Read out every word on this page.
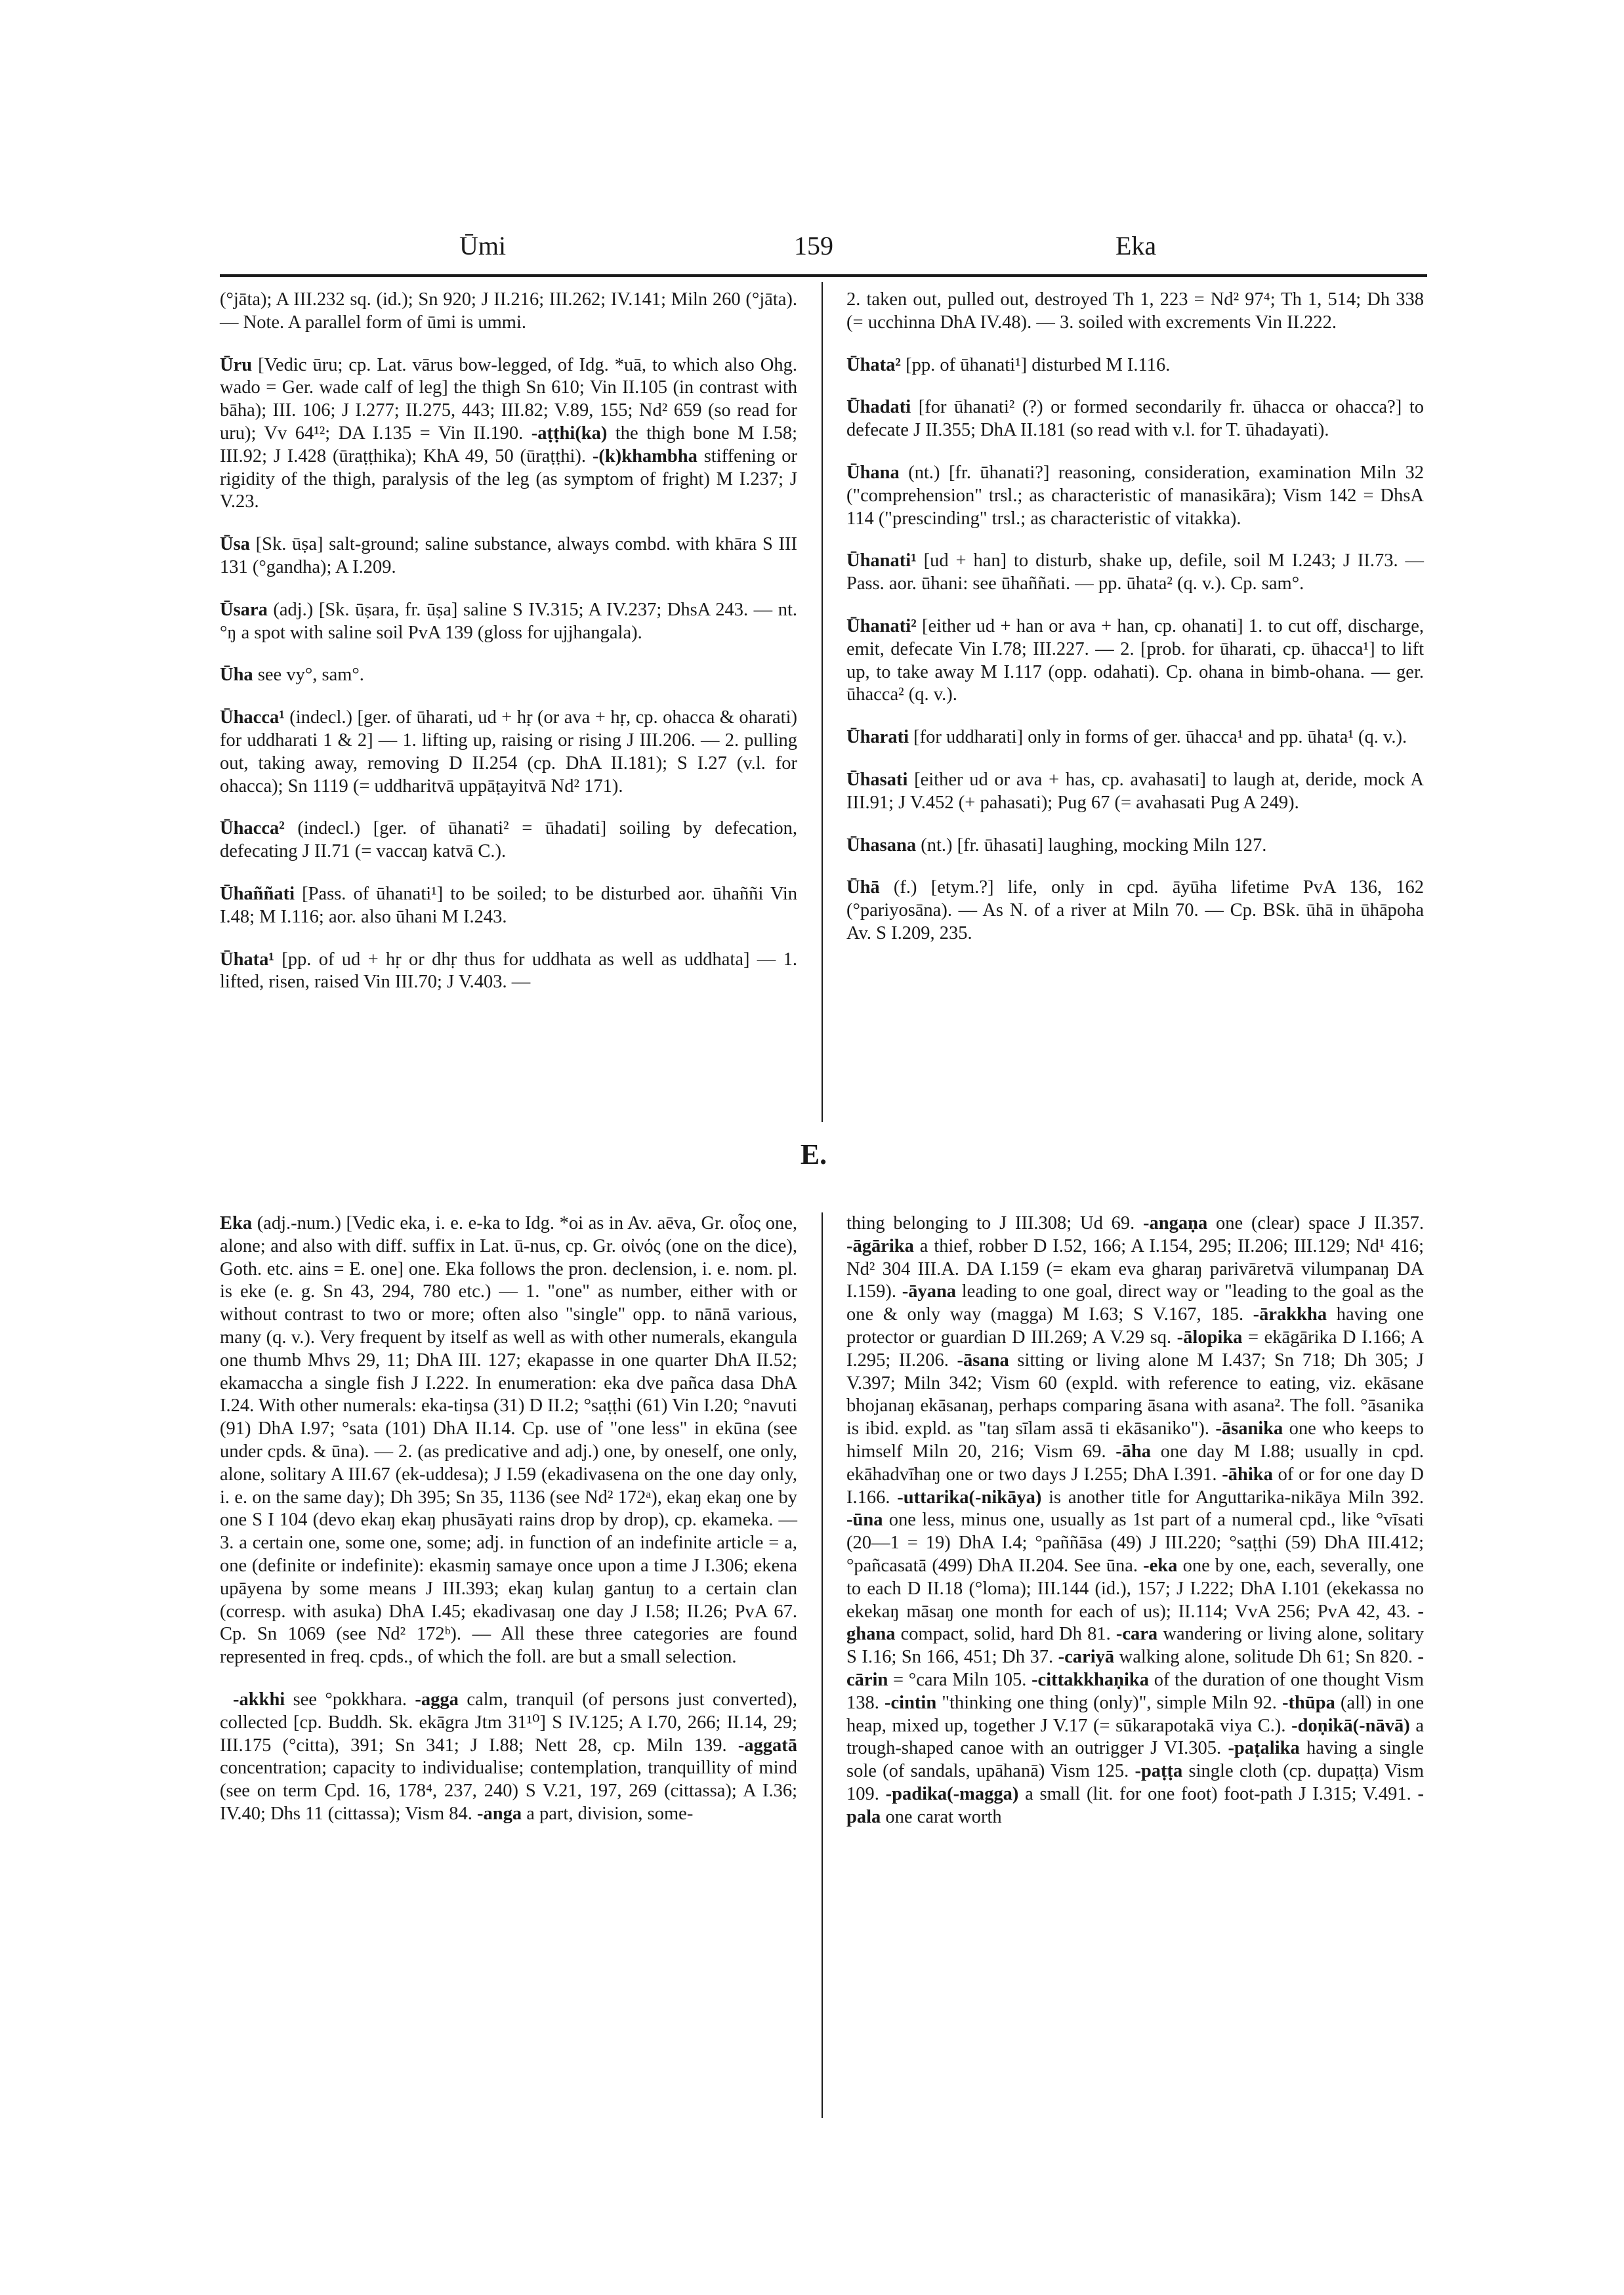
Ūmi	159	Eka

(°jāta); A III.232 sq. (id.); Sn 920; J II.216; III.262; IV.141; Miln 260 (°jāta). — Note. A parallel form of ūmi is ummi.

Ūru [Vedic ūru; cp. Lat. vārus bow-legged, of Idg. *uā, to which also Ohg. wado = Ger. wade calf of leg] the thigh Sn 610; Vin II.105 (in contrast with bāha); III. 106; J I.277; II.275, 443; III.82; V.89, 155; Nd² 659 (so read for uru); Vv 64¹²; DA I.135 = Vin II.190. -aṭṭhi(ka) the thigh bone M I.58; III.92; J I.428 (ūraṭṭhika); KhA 49, 50 (ūraṭṭhi). -(k)khambha stiffening or rigidity of the thigh, paralysis of the leg (as symptom of fright) M I.237; J V.23.

Ūsa [Sk. ūṣa] salt-ground; saline substance, always combd. with khāra S III 131 (°gandha); A I.209.

Ūsara (adj.) [Sk. ūṣara, fr. ūṣa] saline S IV.315; A IV.237; DhsA 243. — nt. °ŋ a spot with saline soil PvA 139 (gloss for ujjhangala).

Ūha see vy°, sam°.

Ūhacca¹ (indecl.) [ger. of ūharati, ud + hṛ (or ava + hṛ, cp. ohacca & oharati) for uddharati 1 & 2] — 1. lifting up, raising or rising J III.206. — 2. pulling out, taking away, removing D II.254 (cp. DhA II.181); S I.27 (v.l. for ohacca); Sn 1119 (= uddharitvā uppāṭayitvā Nd² 171).

Ūhacca² (indecl.) [ger. of ūhanati² = ūhadati] soiling by defecation, defecating J II.71 (= vaccaŋ katvā C.).

Ūhaññati [Pass. of ūhanati¹] to be soiled; to be disturbed aor. ūhaññi Vin I.48; M I.116; aor. also ūhani M I.243.

Ūhata¹ [pp. of ud + hṛ or dhṛ thus for uddhata as well as uddhata] — 1. lifted, risen, raised Vin III.70; J V.403. —

2. taken out, pulled out, destroyed Th 1, 223 = Nd² 97⁴; Th 1, 514; Dh 338 (= ucchinna DhA IV.48). — 3. soiled with excrements Vin II.222.

Ūhata² [pp. of ūhanati¹] disturbed M I.116.

Ūhadati [for ūhanati² (?) or formed secondarily fr. ūhacca or ohacca?] to defecate J II.355; DhA II.181 (so read with v.l. for T. ūhadayati).

Ūhana (nt.) [fr. ūhanati?] reasoning, consideration, examination Miln 32 ("comprehension" trsl.; as characteristic of manasikāra); Vism 142 = DhsA 114 ("prescinding" trsl.; as characteristic of vitakka).

Ūhanati¹ [ud + han] to disturb, shake up, defile, soil M I.243; J II.73. — Pass. aor. ūhani: see ūhaññati. — pp. ūhata² (q. v.). Cp. sam°.

Ūhanati² [either ud + han or ava + han, cp. ohanati] 1. to cut off, discharge, emit, defecate Vin I.78; III.227. — 2. [prob. for ūharati, cp. ūhacca¹] to lift up, to take away M I.117 (opp. odahati). Cp. ohana in bimb-ohana. — ger. ūhacca² (q. v.).

Ūharati [for uddharati] only in forms of ger. ūhacca¹ and pp. ūhata¹ (q. v.).

Ūhasati [either ud or ava + has, cp. avahasati] to laugh at, deride, mock A III.91; J V.452 (+ pahasati); Pug 67 (= avahasati Pug A 249).

Ūhasana (nt.) [fr. ūhasati] laughing, mocking Miln 127.

Ūhā (f.) [etym.?] life, only in cpd. āyūha lifetime PvA 136, 162 (°pariyosāna). — As N. of a river at Miln 70. — Cp. BSk. ūhā in ūhāpoha Av. S I.209, 235.

E.

Eka (adj.-num.) [Vedic eka, i. e. e-ka to Idg. *oi as in Av. aēva, Gr. οἶος one, alone; and also with diff. suffix in Lat. ū-nus, cp. Gr. οἰνός (one on the dice), Goth. etc. ains = E. one] one. Eka follows the pron. declension, i. e. nom. pl. is eke (e. g. Sn 43, 294, 780 etc.) — 1. "one" as number, either with or without contrast to two or more; often also "single" opp. to nānā various, many (q. v.). Very frequent by itself as well as with other numerals, ekangula one thumb Mhvs 29, 11; DhA III. 127; ekapasse in one quarter DhA II.52; ekamaccha a single fish J I.222. In enumeration: eka dve pañca dasa DhA I.24. With other numerals: eka-tiŋsa (31) D II.2; °saṭṭhi (61) Vin I.20; °navuti (91) DhA I.97; °sata (101) DhA II.14. Cp. use of "one less" in ekūna (see under cpds. & ūna). — 2. (as predicative and adj.) one, by oneself, one only, alone, solitary A III.67 (ek-uddesa); J I.59 (ekadivasena on the one day only, i. e. on the same day); Dh 395; Sn 35, 1136 (see Nd² 172ᵃ), ekaŋ ekaŋ one by one S I 104 (devo ekaŋ ekaŋ phusāyati rains drop by drop), cp. ekameka. — 3. a certain one, some one, some; adj. in function of an indefinite article = a, one (definite or indefinite): ekasmiŋ samaye once upon a time J I.306; ekena upāyena by some means J III.393; ekaŋ kulaŋ gantuŋ to a certain clan (corresp. with asuka) DhA I.45; ekadivasaŋ one day J I.58; II.26; PvA 67. Cp. Sn 1069 (see Nd² 172ᵇ). — All these three categories are found represented in freq. cpds., of which the foll. are but a small selection.

-akkhi see °pokkhara. -agga calm, tranquil (of persons just converted), collected [cp. Buddh. Sk. ekāgra Jtm 31¹⁰] S IV.125; A I.70, 266; II.14, 29; III.175 (°citta), 391; Sn 341; J I.88; Nett 28, cp. Miln 139. -aggatā concentration; capacity to individualise; contemplation, tranquillity of mind (see on term Cpd. 16, 178⁴, 237, 240) S V.21, 197, 269 (cittassa); A I.36; IV.40; Dhs 11 (cittassa); Vism 84. -anga a part, division, some-

thing belonging to J III.308; Ud 69. -angaṇa one (clear) space J II.357. -āgārika a thief, robber D I.52, 166; A I.154, 295; II.206; III.129; Nd¹ 416; Nd² 304 III.A. DA I.159 (= ekam eva gharaŋ parivāretvā vilumpanaŋ DA I.159). -āyana leading to one goal, direct way or "leading to the goal as the one & only way (magga) M I.63; S V.167, 185. -ārakkha having one protector or guardian D III.269; A V.29 sq. -ālopika = ekāgārika D I.166; A I.295; II.206. -āsana sitting or living alone M I.437; Sn 718; Dh 305; J V.397; Miln 342; Vism 60 (expld. with reference to eating, viz. ekāsane bhojanaŋ ekāsanaŋ, perhaps comparing āsana with asana². The foll. °āsanika is ibid. expld. as "taŋ sīlam assā ti ekāsaniko"). -āsanika one who keeps to himself Miln 20, 216; Vism 69. -āha one day M I.88; usually in cpd. ekāhadvīhaŋ one or two days J I.255; DhA I.391. -āhika of or for one day D I.166. -uttarika(-nikāya) is another title for Anguttarika-nikāya Miln 392. -ūna one less, minus one, usually as 1st part of a numeral cpd., like °vīsati (20—1 = 19) DhA I.4; °paññāsa (49) J III.220; °saṭṭhi (59) DhA III.412; °pañcasatā (499) DhA II.204. See ūna. -eka one by one, each, severally, one to each D II.18 (°loma); III.144 (id.), 157; J I.222; DhA I.101 (ekekassa no ekekaŋ māsaŋ one month for each of us); II.114; VvA 256; PvA 42, 43. -ghana compact, solid, hard Dh 81. -cara wandering or living alone, solitary S I.16; Sn 166, 451; Dh 37. -cariyā walking alone, solitude Dh 61; Sn 820. -cārin = °cara Miln 105. -cittakkhaṇika of the duration of one thought Vism 138. -cintin "thinking one thing (only)", simple Miln 92. -thūpa (all) in one heap, mixed up, together J V.17 (= sūkarapotakā viya C.). -doṇikā(-nāvā) a trough-shaped canoe with an outrigger J VI.305. -paṭalika having a single sole (of sandals, upāhanā) Vism 125. -paṭṭa single cloth (cp. dupaṭṭa) Vism 109. -padika(-magga) a small (lit. for one foot) foot-path J I.315; V.491. -pala one carat worth
